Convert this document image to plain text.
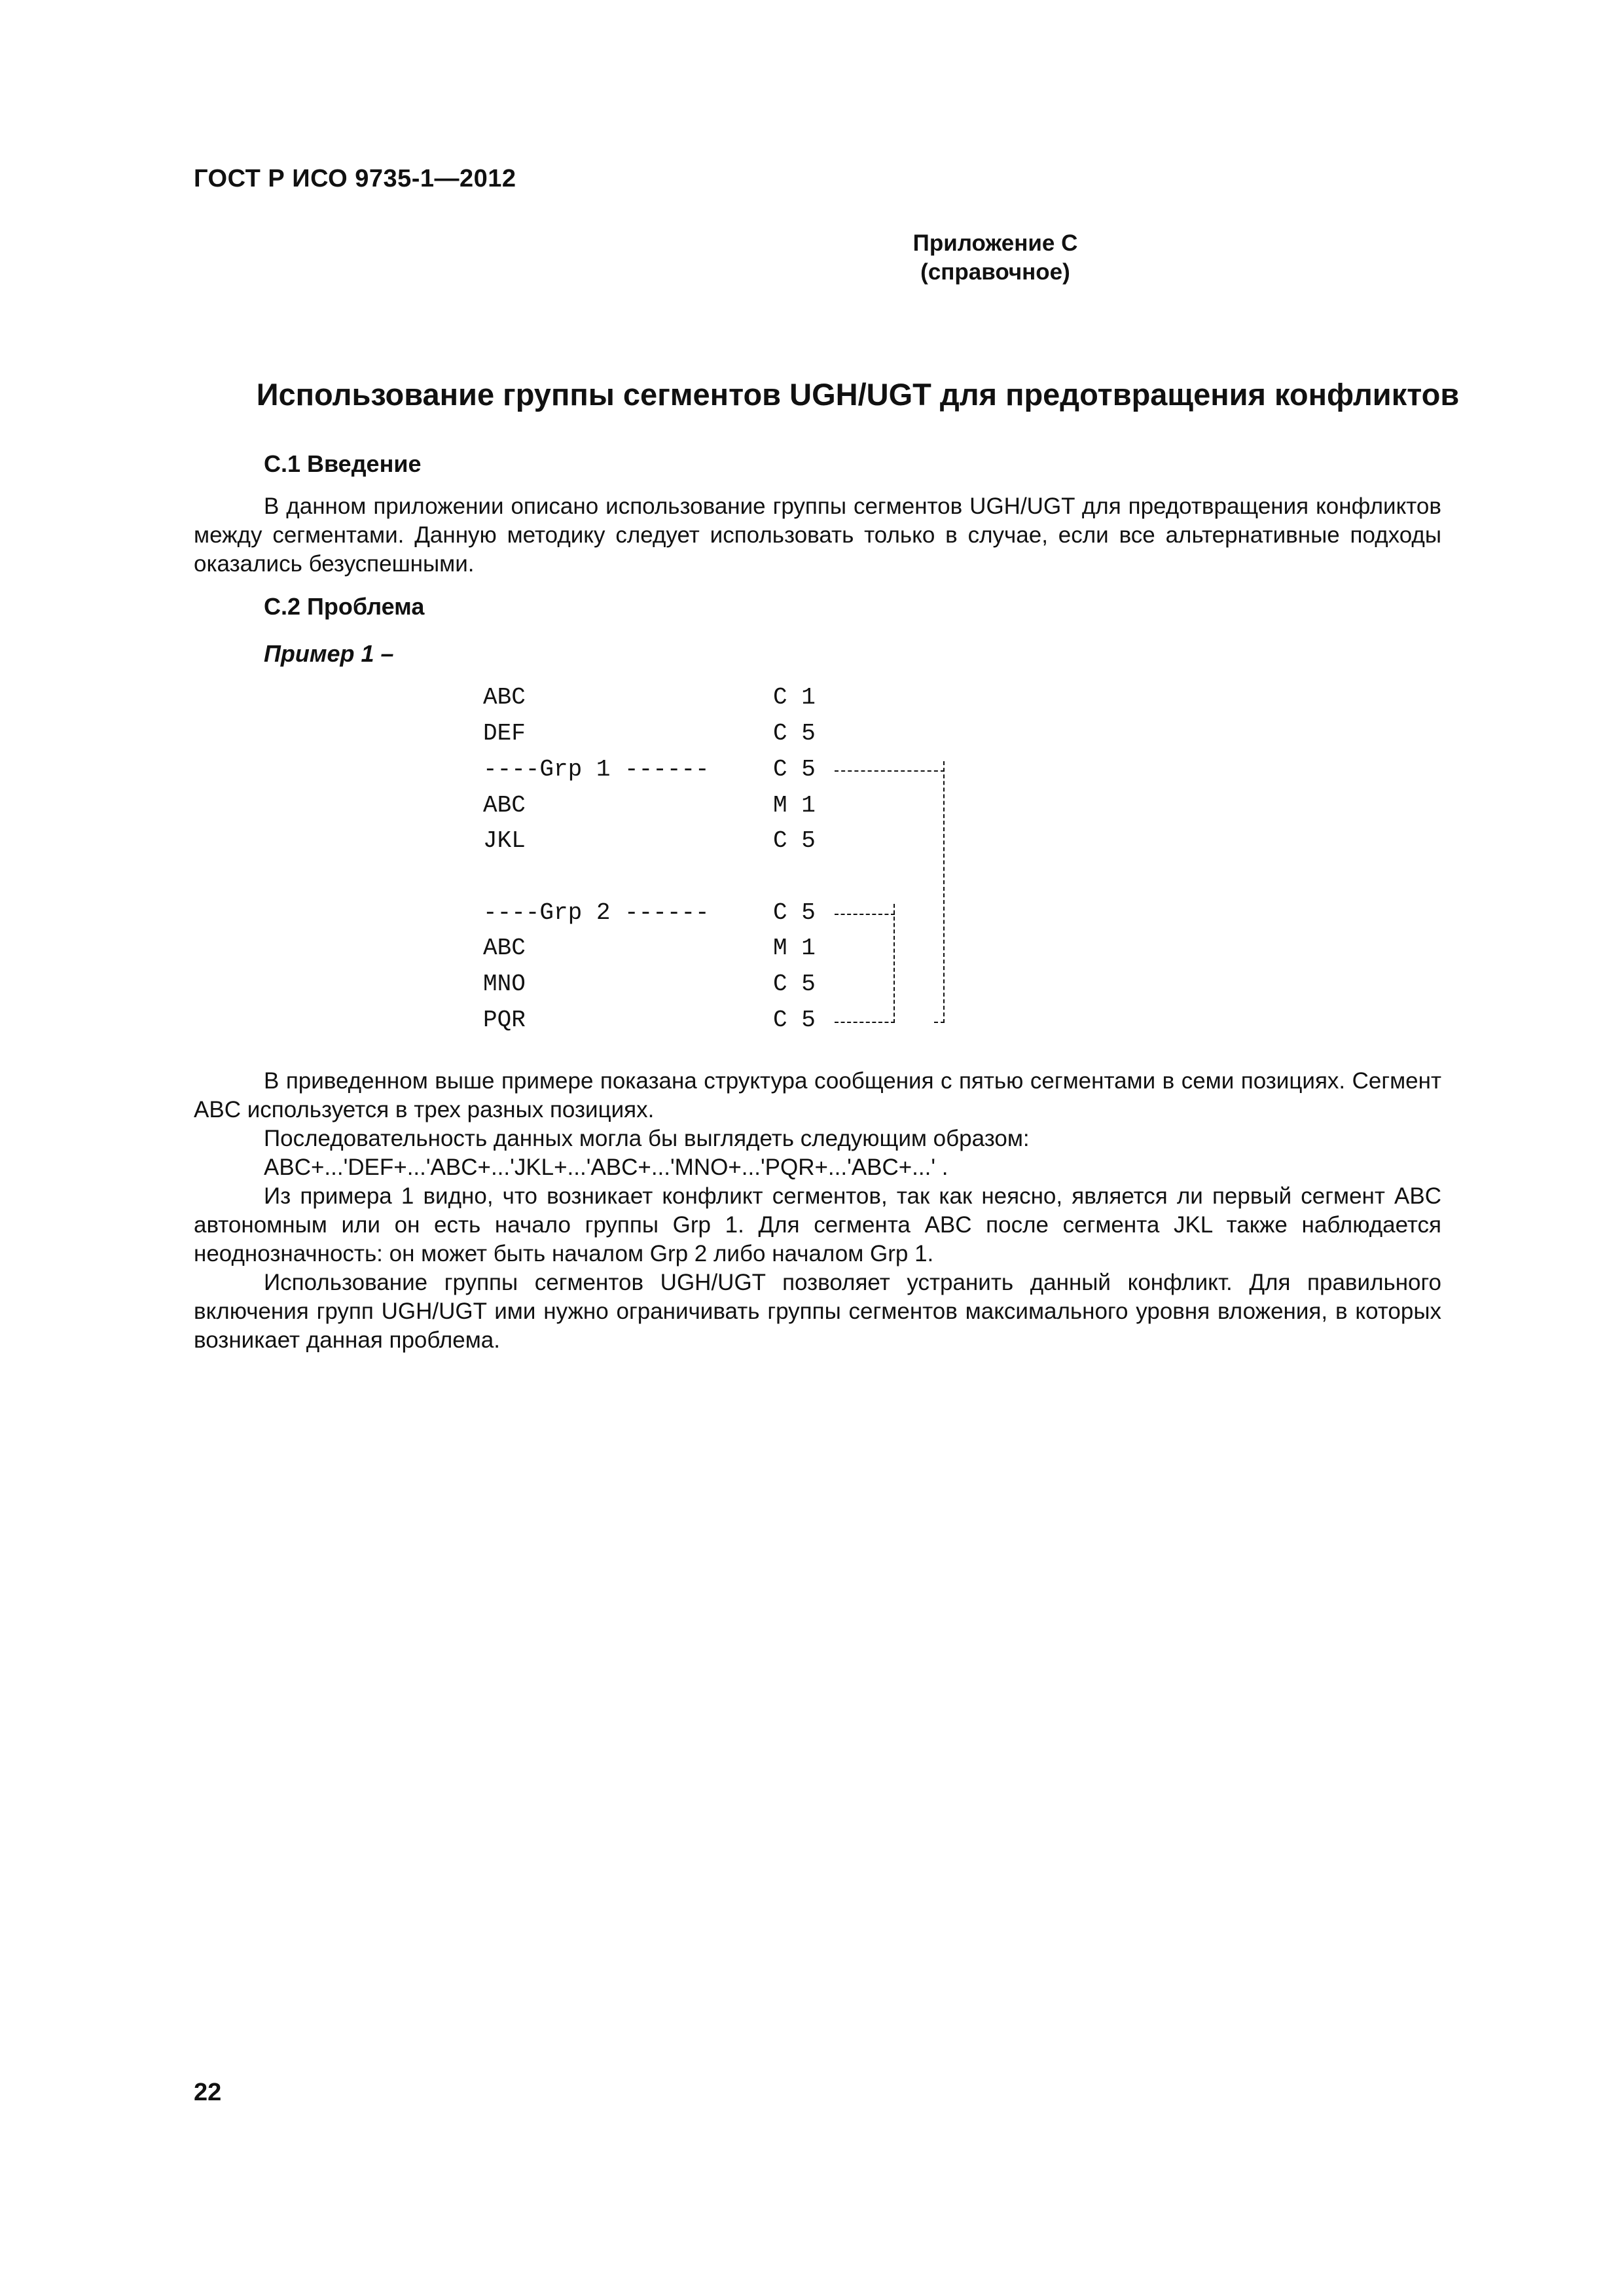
ГОСТ Р ИСО 9735-1—2012
Приложение С
(справочное)
Использование группы сегментов UGH/UGT для предотвращения конфликтов
С.1 Введение
В данном приложении описано использование группы сегментов UGH/UGT для предотвращения конфликтов между сегментами. Данную методику следует использовать только в случае, если все альтернативные подходы оказались безуспешными.
С.2 Проблема
Пример 1 –
ABC	C 1
DEF	C 5
----Grp 1 ------	C 5
ABC	M 1
JKL	C 5
----Grp 2 ------	C 5
ABC	M 1
MNO	C 5
PQR	C 5
В приведенном выше примере показана структура сообщения с пятью сегментами в семи позициях. Сегмент ABC используется в трех разных позициях.
Последовательность данных могла бы выглядеть следующим образом:
ABC+...'DEF+...'ABC+...'JKL+...'ABC+...'MNO+...'PQR+...'ABC+...' .
Из примера 1 видно, что возникает конфликт сегментов, так как неясно, является ли первый сегмент ABC автономным или он есть начало группы Grp 1. Для сегмента ABC после сегмента JKL также наблюдается неоднозначность: он может быть началом Grp 2 либо началом Grp 1.
Использование группы сегментов UGH/UGT позволяет устранить данный конфликт. Для правильного включения групп UGH/UGT ими нужно ограничивать группы сегментов максимального уровня вложения, в которых возникает данная проблема.
22
